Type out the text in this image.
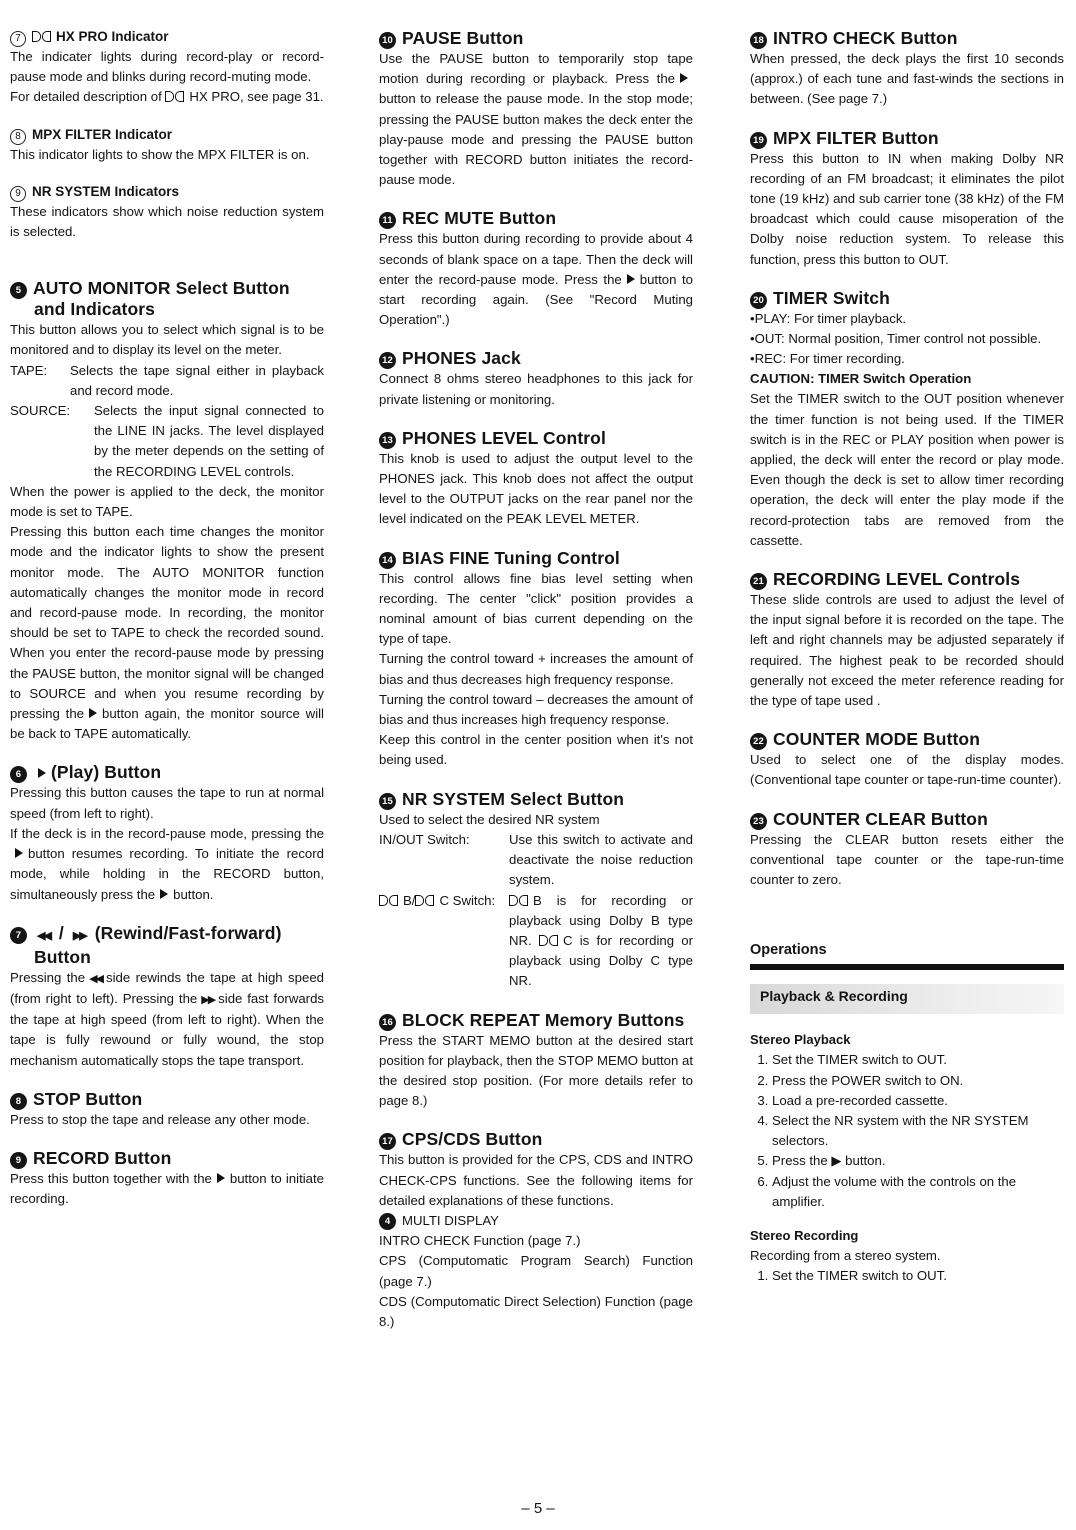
7	HX PRO Indicator

The indicater lights during record-play or record-pause mode and blinks during record-muting mode.

For detailed description of HX PRO, see page 31.

8 MPX FILTER Indicator

This indicator lights to show the MPX FILTER is on.

9 NR SYSTEM Indicators

These indicators show which noise reduction system is selected.

5 AUTO MONITOR Select Button

and Indicators

This button allows you to select which signal is to be monitored and to display its level on the meter.

TAPE:	Selects the tape signal either in playback and record mode.
SOURCE:	Selects the input signal connected to the LINE IN jacks. The level displayed by the meter depends on the setting of the RECORDING LEVEL controls.

When the power is applied to the deck, the monitor mode is set to TAPE.

Pressing this button each time changes the monitor mode and the indicator lights to show the present monitor mode. The AUTO MONITOR function automatically changes the monitor mode in record and record-pause mode. In recording, the monitor should be set to TAPE to check the recorded sound. When you enter the record-pause mode by pressing the PAUSE button, the monitor signal will be changed to SOURCE and when you resume recording by pressing the button again, the monitor source will be back to TAPE automatically.

6 (Play) Button

Pressing this button causes the tape to run at normal speed (from left to right).

If the deck is in the record-pause mode, pressing thebutton resumes recording. To initiate the record mode, while holding in the RECORD button, simultaneously press the button.

7 ◀◀ / ▶▶ (Rewind/Fast-forward)

Button

Pressing the ◀◀ side rewinds the tape at high speed (from right to left). Pressing the ▶▶ side fast forwards the tape at high speed (from left to right). When the tape is fully rewound or fully wound, the stop mechanism automatically stops the tape transport.

8 STOP Button

Press to stop the tape and release any other mode.

9 RECORD Button

Press this button together with the button to initiate recording.

10 PAUSE Button

Use the PAUSE button to temporarily stop tape motion during recording or playback. Press thebutton to release the pause mode. In the stop mode; pressing the PAUSE button makes the deck enter the play-pause mode and pressing the PAUSE button together with RECORD button initiates the record-pause mode.

11 REC MUTE Button

Press this button during recording to provide about 4 seconds of blank space on a tape. Then the deck will enter the record-pause mode. Press the button to start recording again. (See "Record Muting Operation".)

12 PHONES Jack

Connect 8 ohms stereo headphones to this jack for private listening or monitoring.

13 PHONES LEVEL Control

This knob is used to adjust the output level to the PHONES jack. This knob does not affect the output level to the OUTPUT jacks on the rear panel nor the level indicated on the PEAK LEVEL METER.

14 BIAS FINE Tuning Control

This control allows fine bias level setting when recording. The center "click" position provides a nominal amount of bias current depending on the type of tape.

Turning the control toward + increases the amount of bias and thus decreases high frequency response.

Turning the control toward – decreases the amount of bias and thus increases high frequency response.

Keep this control in the center position when it's not being used.

15 NR SYSTEM Select Button

Used to select the desired NR system

IN/OUT Switch:	Use this switch to activate and deactivate the noise reduction system.
B/ C Switch:	B is for recording or playback using Dolby B type NR. C is for recording or playback using Dolby C type NR.

16 BLOCK REPEAT Memory Buttons

Press the START MEMO button at the desired start position for playback, then the STOP MEMO button at the desired stop position. (For more details refer to page 8.)

17 CPS/CDS Button

This button is provided for the CPS, CDS and INTRO CHECK-CPS functions. See the following items for detailed explanations of these functions.

4 MULTI DISPLAY

INTRO CHECK Function (page 7.)

CPS (Computomatic Program Search) Function (page 7.)

CDS (Computomatic Direct Selection) Function (page 8.)

18 INTRO CHECK Button

When pressed, the deck plays the first 10 seconds (approx.) of each tune and fast-winds the sections in between. (See page 7.)

19 MPX FILTER Button

Press this button to IN when making Dolby NR recording of an FM broadcast; it eliminates the pilot tone (19 kHz) and sub carrier tone (38 kHz) of the FM broadcast which could cause misoperation of the Dolby noise reduction system. To release this function, press this button to OUT.

20 TIMER Switch

•PLAY: For timer playback.

•OUT: Normal position, Timer control not possible.

•REC: For timer recording.

CAUTION: TIMER Switch Operation

Set the TIMER switch to the OUT position whenever the timer function is not being used. If the TIMER switch is in the REC or PLAY position when power is applied, the deck will enter the record or play mode. Even though the deck is set to allow timer recording operation, the deck will enter the play mode if the record-protection tabs are removed from the cassette.

21 RECORDING LEVEL Controls

These slide controls are used to adjust the level of the input signal before it is recorded on the tape. The left and right channels may be adjusted separately if required. The highest peak to be recorded should generally not exceed the meter reference reading for the type of tape used .

22 COUNTER MODE Button

Used to select one of the display modes. (Conventional tape counter or tape-run-time counter).

23 COUNTER CLEAR Button

Pressing the CLEAR button resets either the conventional tape counter or the tape-run-time counter to zero.

Operations

Playback & Recording

Stereo Playback

1. Set the TIMER switch to OUT.
2. Press the POWER switch to ON.
3. Load a pre-recorded cassette.
4. Select the NR system with the NR SYSTEM selectors.
5. Press the ▶ button.
6. Adjust the volume with the controls on the amplifier.

Stereo Recording

Recording from a stereo system.

1. Set the TIMER switch to OUT.
– 5 –
